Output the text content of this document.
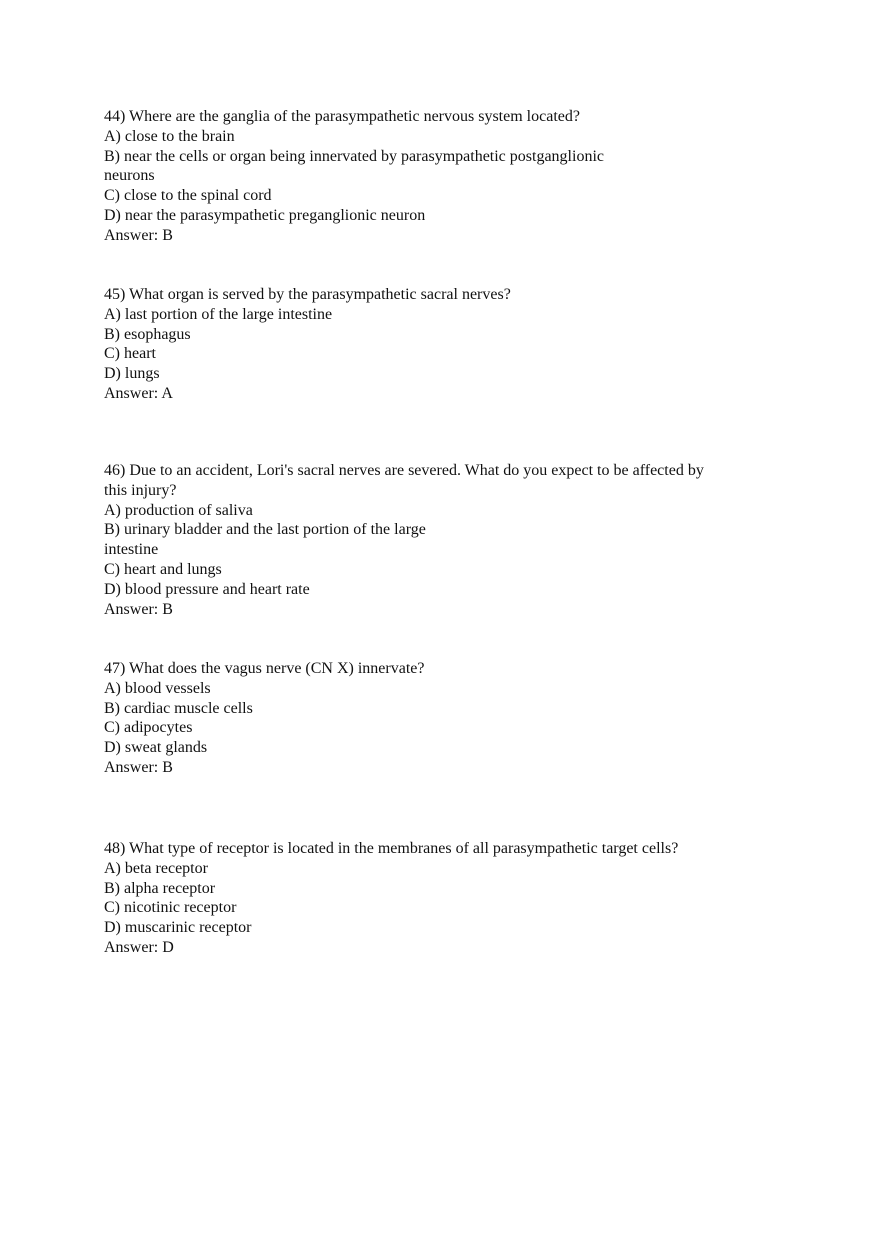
44) Where are the ganglia of the parasympathetic nervous system located?
A) close to the brain
B) near the cells or organ being innervated by parasympathetic postganglionic
neurons
C) close to the spinal cord
D) near the parasympathetic preganglionic neuron
Answer: B
45) What organ is served by the parasympathetic sacral nerves?
A) last portion of the large intestine
B) esophagus
C) heart
D) lungs
Answer: A
46) Due to an accident, Lori's sacral nerves are severed. What do you expect to be affected by
this injury?
A) production of saliva
B) urinary bladder and the last portion of the large
intestine
C) heart and lungs
D) blood pressure and heart rate
Answer: B
47) What does the vagus nerve (CN X) innervate?
A) blood vessels
B) cardiac muscle cells
C) adipocytes
D) sweat glands
Answer: B
48) What type of receptor is located in the membranes of all parasympathetic target cells?
A) beta receptor
B) alpha receptor
C) nicotinic receptor
D) muscarinic receptor
Answer: D
